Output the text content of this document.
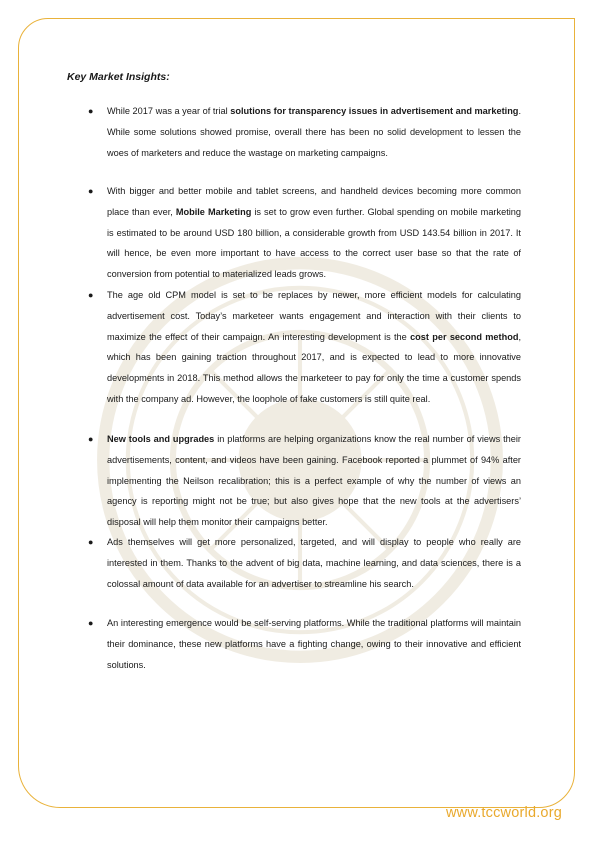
Key Market Insights:

● While 2017 was a year of trial solutions for transparency issues in advertisement and marketing. While some solutions showed promise, overall there has been no solid development to lessen the woes of marketers and reduce the wastage on marketing campaigns.

● With bigger and better mobile and tablet screens, and handheld devices becoming more common place than ever, Mobile Marketing is set to grow even further. Global spending on mobile marketing is estimated to be around USD 180 billion, a considerable growth from USD 143.54 billion in 2017. It will hence, be even more important to have access to the correct user base so that the rate of conversion from potential to materialized leads grows.

● The age old CPM model is set to be replaces by newer, more efficient models for calculating advertisement cost. Today’s marketeer wants engagement and interaction with their clients to maximize the effect of their campaign. An interesting development is the cost per second method, which has been gaining traction throughout 2017, and is expected to lead to more innovative developments in 2018. This method allows the marketeer to pay for only the time a customer spends with the company ad. However, the loophole of fake customers is still quite real.

● New tools and upgrades in platforms are helping organizations know the real number of views their advertisements, content, and videos have been gaining. Facebook reported a plummet of 94% after implementing the Neilson recalibration; this is a perfect example of why the number of views an agency is reporting might not be true; but also gives hope that the new tools at the advertisers’ disposal will help them monitor their campaigns better.

● Ads themselves will get more personalized, targeted, and will display to people who really are interested in them. Thanks to the advent of big data, machine learning, and data sciences, there is a colossal amount of data available for an advertiser to streamline his search.

● An interesting emergence would be self-serving platforms. While the traditional platforms will maintain their dominance, these new platforms have a fighting change, owing to their innovative and efficient solutions.

www.tccworld.org
